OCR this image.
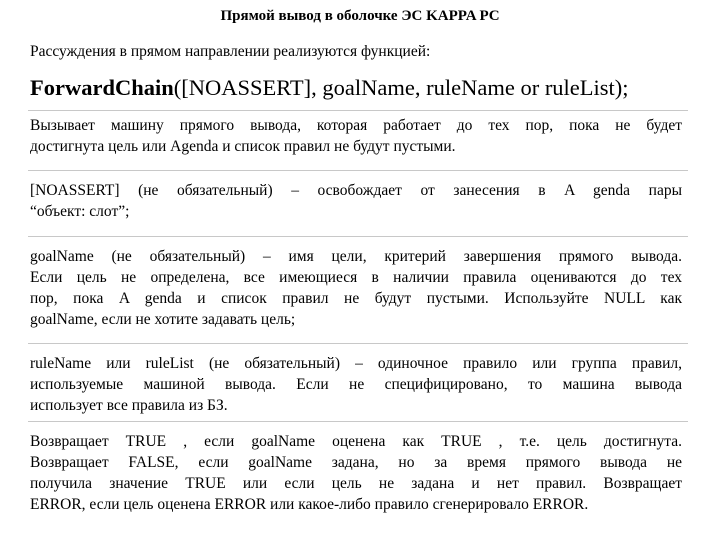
Прямой вывод в оболочке ЭС KAPPA PC
Рассуждения в прямом направлении реализуются функцией:
ForwardChain([NOASSERT], goalName, ruleName or ruleList);
Вызывает машину прямого вывода, которая работает до тех пор, пока не будет
достигнута цель или Agenda и список правил не будут пустыми.
[NOASSERT] (не обязательный) – освобождает от занесения в A genda пары
“объект: слот”;
goalName (не обязательный) – имя цели, критерий завершения прямого вывода.
Если цель не определена, все имеющиеся в наличии правила оцениваются до тех
пор, пока A genda и список правил не будут пустыми. Используйте NULL как
goalName, если не хотите задавать цель;
ruleName или ruleList (не обязательный) – одиночное правило или группа правил,
используемые машиной вывода. Если не специфицировано, то машина вывода
использует все правила из БЗ.
Возвращает TRUE , если goalName оценена как TRUE , т.е. цель достигнута.
Возвращает FALSE, если goalName задана, но за время прямого вывода не
получила значение TRUE или если цель не задана и нет правил. Возвращает
ERROR, если цель оценена ERROR или какое-либо правило сгенерировало ERROR.
